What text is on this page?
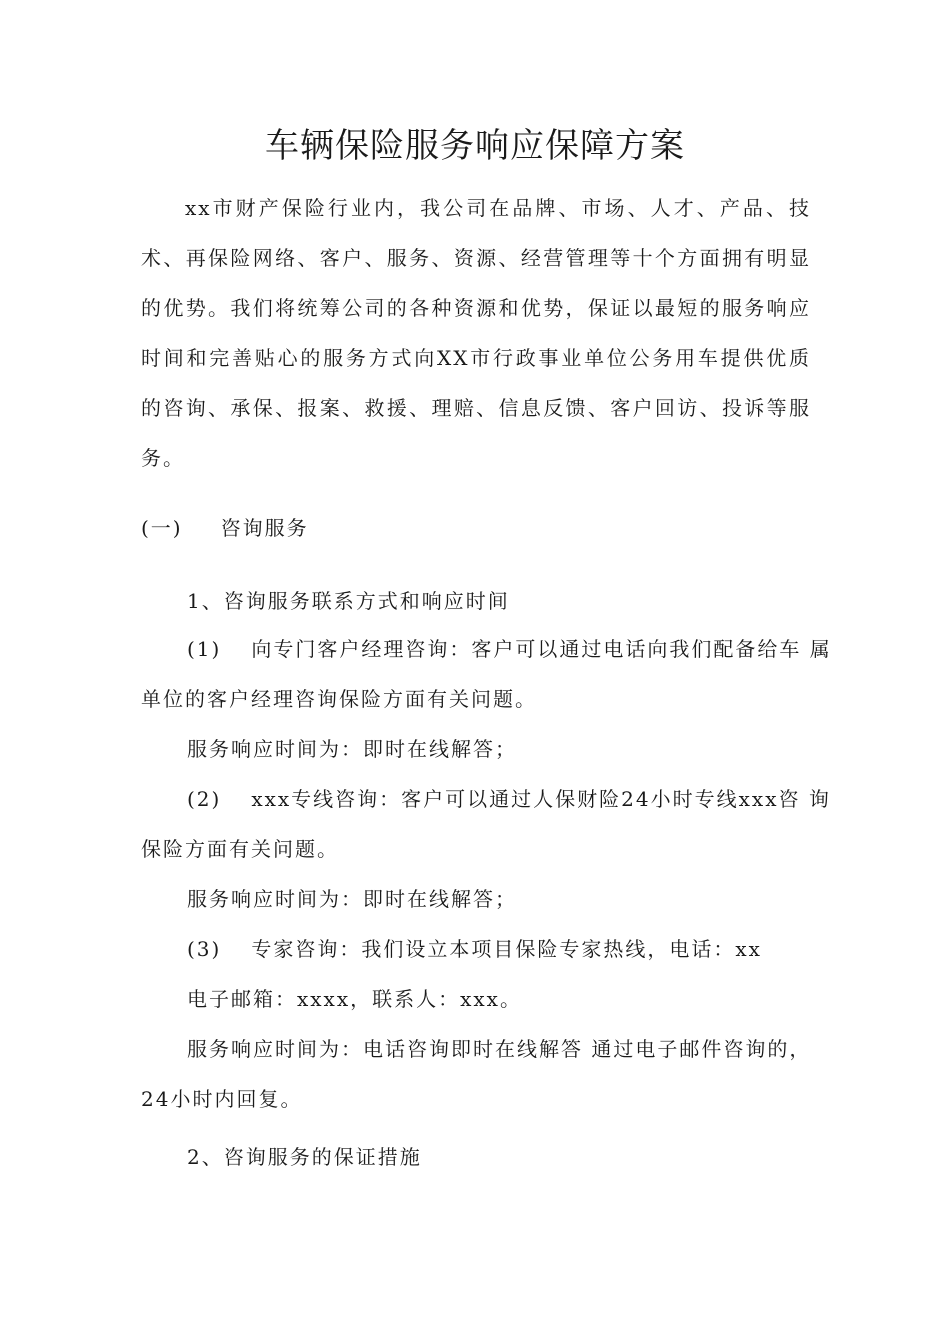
车辆保险服务响应保障方案
xx市财产保险行业内，我公司在品牌、市场、人才、产品、技术、再保险网络、客户、服务、资源、经营管理等十个方面拥有明显的优势。我们将统筹公司的各种资源和优势，保证以最短的服务响应时间和完善贴心的服务方式向XX市行政事业单位公务用车提供优质 的咨询、承保、报案、救援、理赔、信息反馈、客户回访、投诉等服务。
(一) 咨询服务
1、咨询服务联系方式和响应时间
(1) 向专门客户经理咨询：客户可以通过电话向我们配备给车 属
单位的客户经理咨询保险方面有关问题。
服务响应时间为：即时在线解答；
(2) xxx专线咨询：客户可以通过人保财险24小时专线xxx咨 询
保险方面有关问题。
服务响应时间为：即时在线解答；
(3) 专家咨询：我们设立本项目保险专家热线，电话：xx
电子邮箱：xxxx，联系人：xxx。
服务响应时间为：电话咨询即时在线解答 通过电子邮件咨询的，
24小时内回复。
2、咨询服务的保证措施
